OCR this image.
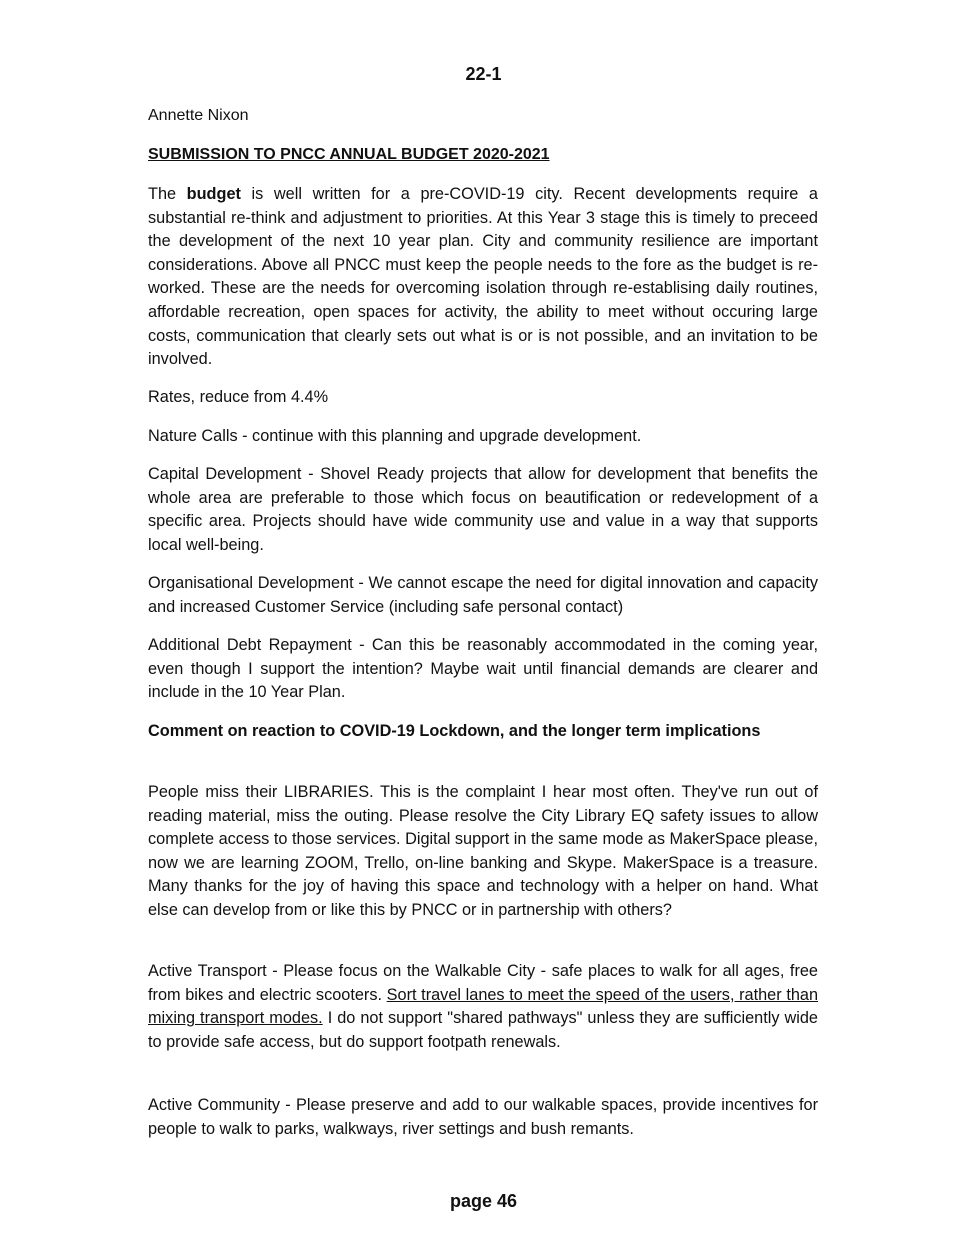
22-1
Annette Nixon
SUBMISSION TO PNCC ANNUAL BUDGET 2020-2021

The budget is well written for a pre-COVID-19 city. Recent developments require a substantial re-think and adjustment to priorities. At this Year 3 stage this is timely to preceed the development of the next 10 year plan. City and community resilience are important considerations. Above all PNCC must keep the people needs to the fore as the budget is re-worked. These are the needs for overcoming isolation through re-establising daily routines, affordable recreation, open spaces for activity, the ability to meet without occuring large costs, communication that clearly sets out what is or is not possible, and an invitation to be involved.

Rates, reduce from 4.4%

Nature Calls - continue with this planning and upgrade development.

Capital Development - Shovel Ready projects that allow for development that benefits the whole area are preferable to those which focus on beautification or redevelopment of a specific area. Projects should have wide community use and value in a way that supports local well-being.

Organisational Development - We cannot escape the need for digital innovation and capacity and increased Customer Service (including safe personal contact)

Additional Debt Repayment - Can this be reasonably accommodated in the coming year, even though I support the intention? Maybe wait until financial demands are clearer and include in the 10 Year Plan.

Comment on reaction to COVID-19 Lockdown, and the longer term implications

People miss their LIBRARIES. This is the complaint I hear most often. They've run out of reading material, miss the outing. Please resolve the City Library EQ safety issues to allow complete access to those services. Digital support in the same mode as MakerSpace please, now we are learning ZOOM, Trello, on-line banking and Skype. MakerSpace is a treasure. Many thanks for the joy of having this space and technology with a helper on hand. What else can develop from or like this by PNCC or in partnership with others?

Active Transport - Please focus on the Walkable City - safe places to walk for all ages, free from bikes and electric scooters. Sort travel lanes to meet the speed of the users, rather than mixing transport modes. I do not support "shared pathways" unless they are sufficiently wide to provide safe access, but do support footpath renewals.

Active Community - Please preserve and add to our walkable spaces, provide incentives for people to walk to parks, walkways, river settings and bush remants.

page 46
